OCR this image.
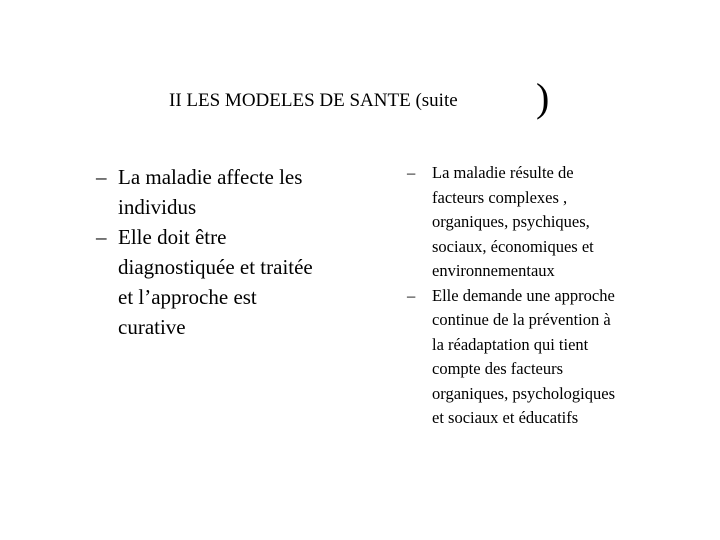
II LES MODELES DE SANTE (suite )
– La maladie affecte les
individus
– Elle doit être
diagnostiquée et traitée
et l’approche est
curative
– La maladie résulte de
facteurs complexes ,
organiques, psychiques,
sociaux, économiques et
environnementaux
– Elle demande une approche
continue de la prévention à
la réadaptation qui tient
compte des facteurs
organiques, psychologiques
et sociaux et éducatifs
